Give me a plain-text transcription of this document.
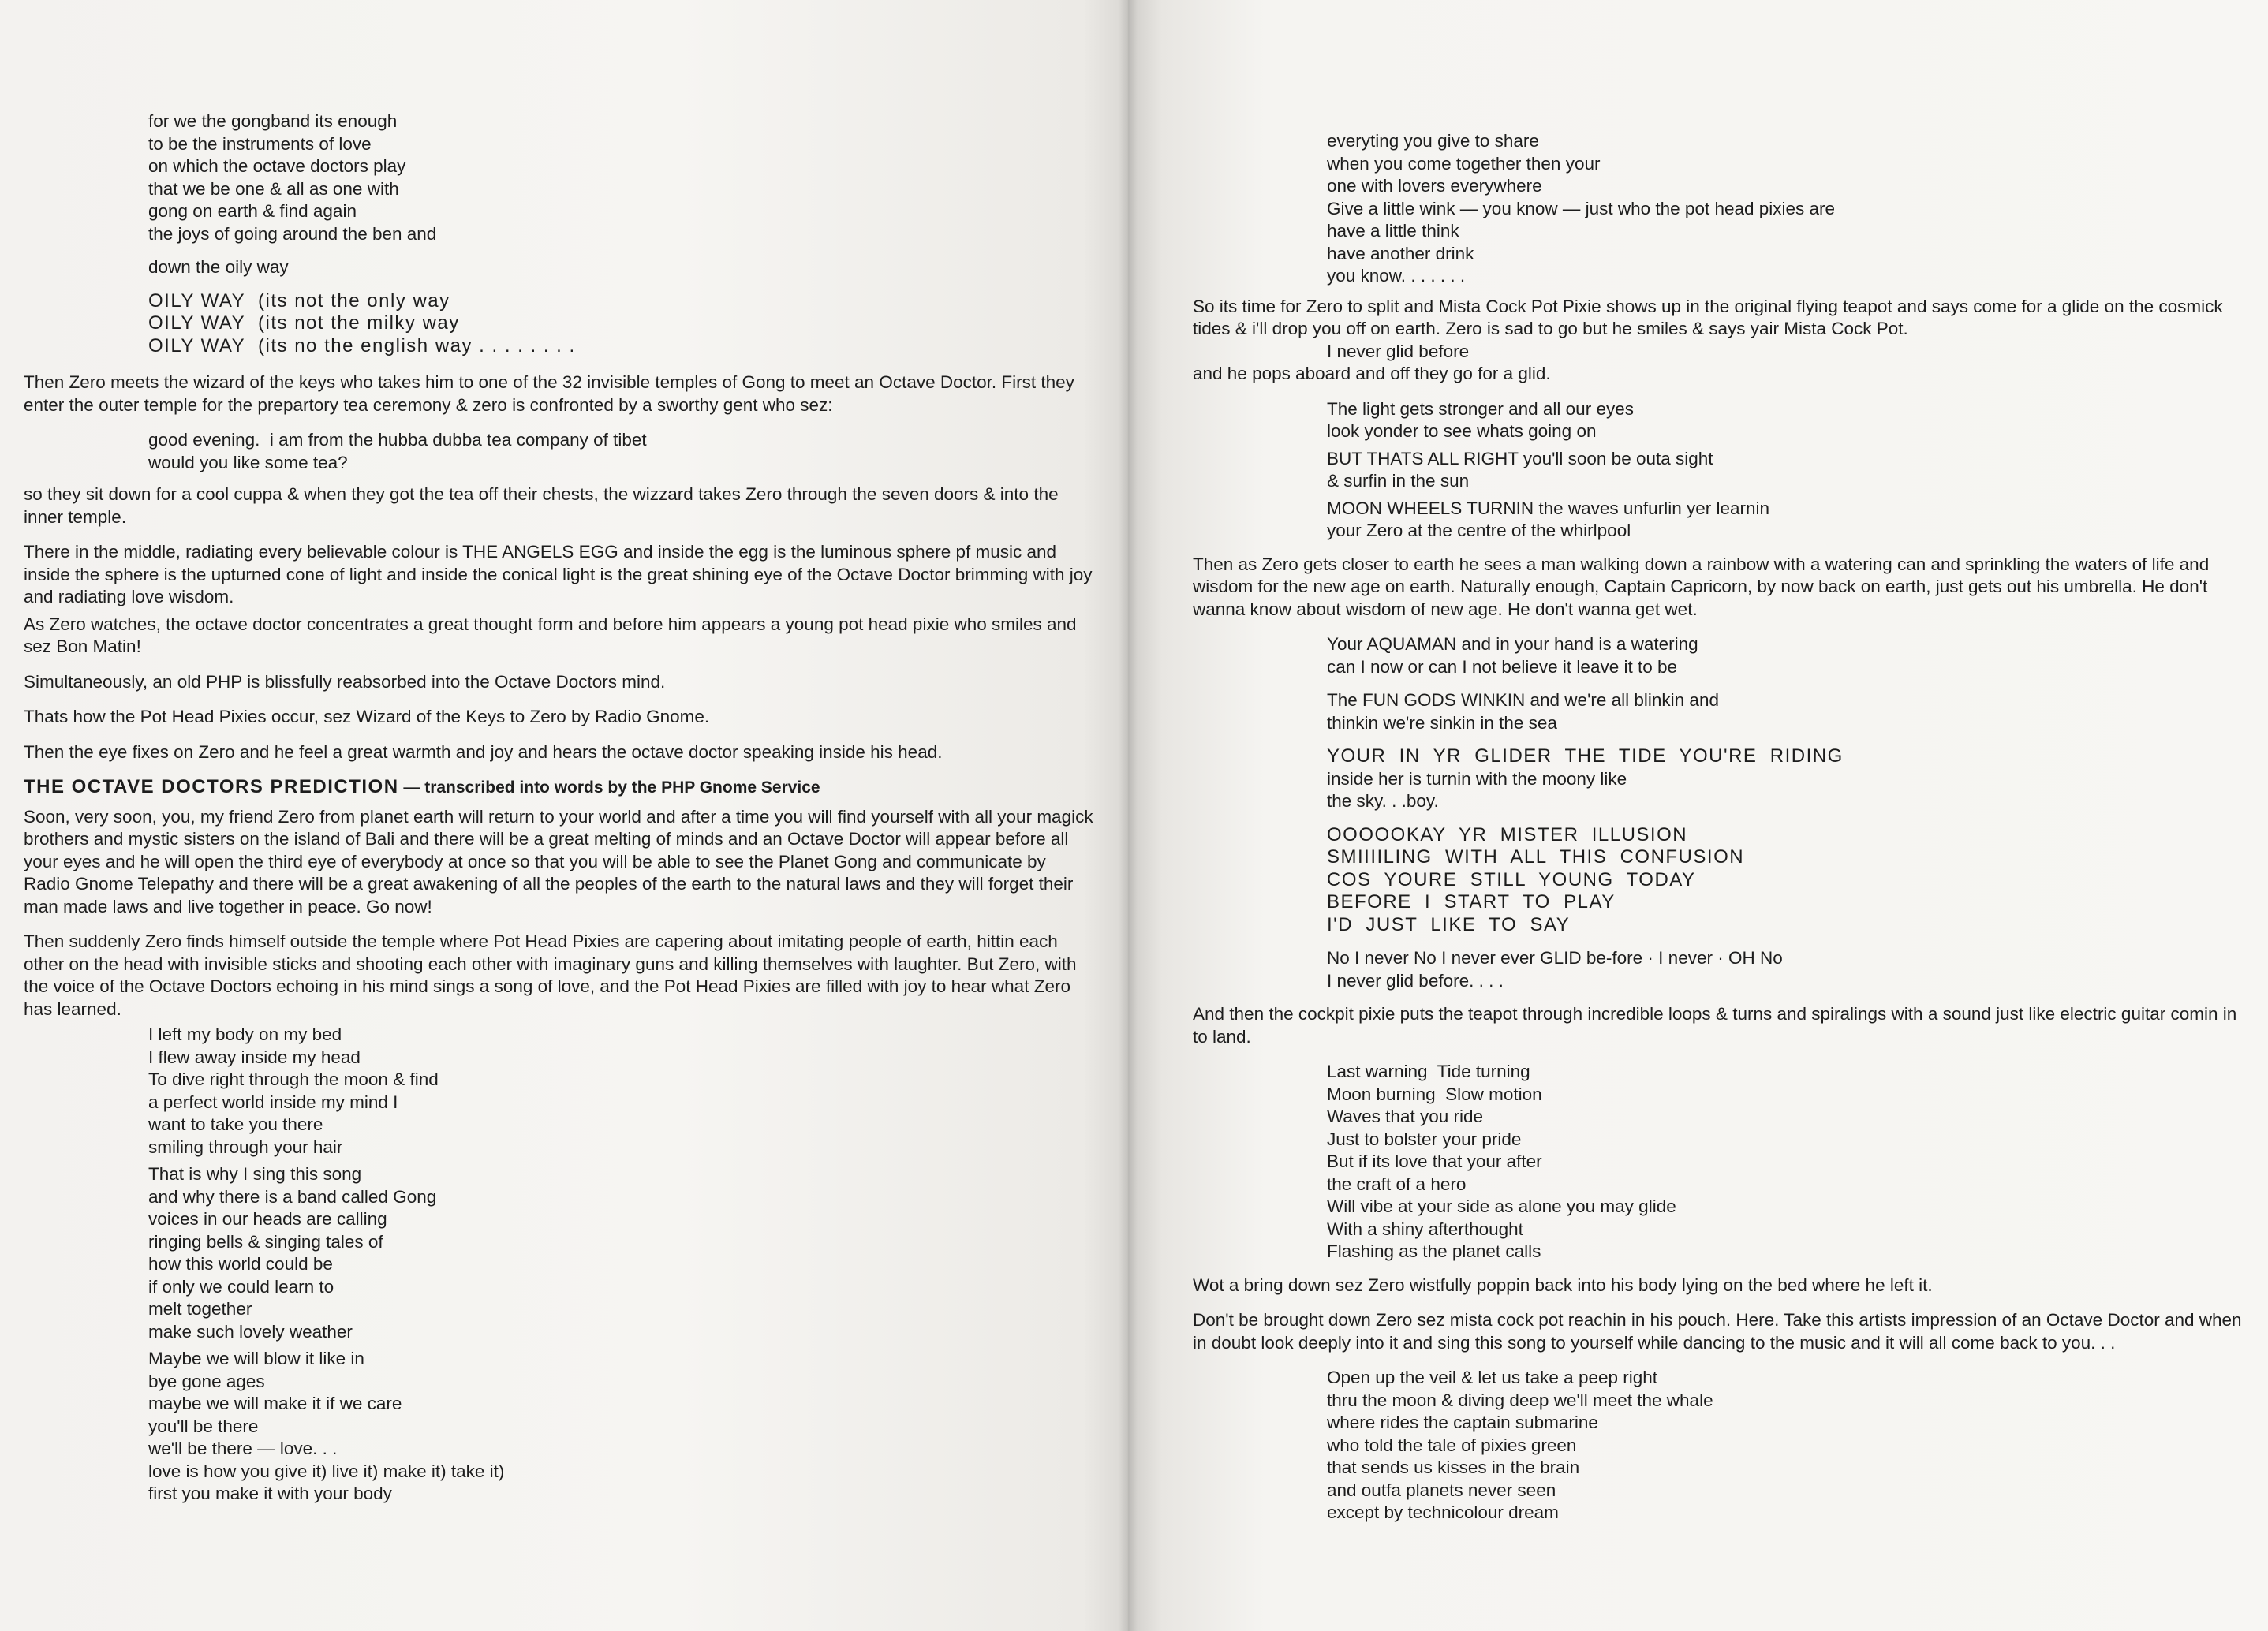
for we the gongband its enough
to be the instruments of love
on which the octave doctors play
that we be one & all as one with
gong on earth & find again
the joys of going around the ben and
down the oily way
OILY WAY  (its not the only way
OILY WAY  (its not the milky way
OILY WAY  (its no the english way . . . . . . . .

Then Zero meets the wizard of the keys who takes him to one of the 32 invisible temples of Gong to meet an Octave Doctor. First they enter the outer temple for the prepartory tea ceremony & zero is confronted by a sworthy gent who sez:

good evening.  i am from the hubba dubba tea company of tibet
would you like some tea?

so they sit down for a cool cuppa & when they got the tea off their chests, the wizzard takes Zero through the seven doors & into the inner temple.

There in the middle, radiating every believable colour is THE ANGELS EGG and inside the egg is the luminous sphere pf music and inside the sphere is the upturned cone of light and inside the conical light is the great shining eye of the Octave Doctor brimming with joy and radiating love wisdom.

As Zero watches, the octave doctor concentrates a great thought form and before him appears a young pot head pixie who smiles and sez Bon Matin!

Simultaneously, an old PHP is blissfully reabsorbed into the Octave Doctors mind.

Thats how the Pot Head Pixies occur, sez Wizard of the Keys to Zero by Radio Gnome.

Then the eye fixes on Zero and he feel a great warmth and joy and hears the octave doctor speaking inside his head.

THE OCTAVE DOCTORS PREDICTION — transcribed into words by the PHP Gnome Service

Soon, very soon, you, my friend Zero from planet earth will return to your world and after a time you will find yourself with all your magick brothers and mystic sisters on the island of Bali and there will be a great melting of minds and an Octave Doctor will appear before all your eyes and he will open the third eye of everybody at once so that you will be able to see the Planet Gong and communicate by Radio Gnome Telepathy and there will be a great awakening of all the peoples of the earth to the natural laws and they will forget their man made laws and live together in peace. Go now!

Then suddenly Zero finds himself outside the temple where Pot Head Pixies are capering about imitating people of earth, hittin each other on the head with invisible sticks and shooting each other with imaginary guns and killing themselves with laughter. But Zero, with the voice of the Octave Doctors echoing in his mind sings a song of love, and the Pot Head Pixies are filled with joy to hear what Zero has learned.

I left my body on my bed
I flew away inside my head
To dive right through the moon & find
a perfect world inside my mind I
want to take you there
smiling through your hair
That is why I sing this song
and why there is a band called Gong
voices in our heads are calling
ringing bells & singing tales of
how this world could be
if only we could learn to
melt together
make such lovely weather
Maybe we will blow it like in
bye gone ages
maybe we will make it if we care
you'll be there
we'll be there — love. . .
love is how you give it) live it) make it) take it)
first you make it with your body
everyting you give to share
when you come together then your
one with lovers everywhere
Give a little wink — you know — just who the pot head pixies are
have a little think
have another drink
you know. . . . . . .

So its time for Zero to split and Mista Cock Pot Pixie shows up in the original flying teapot and says come for a glide on the cosmick tides & i'll drop you off on earth. Zero is sad to go but he smiles & says yair Mista Cock Pot.

I never glid before

and he pops aboard and off they go for a glid.

The light gets stronger and all our eyes
look yonder to see whats going on
BUT THATS ALL RIGHT you'll soon be outa sight
& surfin in the sun
MOON WHEELS TURNIN the waves unfurlin yer learnin
your Zero at the centre of the whirlpool

Then as Zero gets closer to earth he sees a man walking down a rainbow with a watering can and sprinkling the waters of life and wisdom for the new age on earth. Naturally enough, Captain Capricorn, by now back on earth, just gets out his umbrella. He don't wanna know about wisdom of new age. He don't wanna get wet.

Your AQUAMAN and in your hand is a watering
can I now or can I not believe it leave it to be
The FUN GODS WINKIN and we're all blinkin and
thinkin we're sinkin in the sea
YOUR  IN  YR  GLIDER  THE  TIDE  YOU'RE  RIDING
inside her is turnin with the moony like
the sky. . .boy.
OOOOOKAY  YR  MISTER  ILLUSION
SMIIIILING  WITH  ALL  THIS  CONFUSION
COS  YOURE  STILL  YOUNG  TODAY
BEFORE  I  START  TO  PLAY
I'D  JUST  LIKE  TO  SAY
No I never No I never ever GLID be-fore · I never · OH No
I never glid before. . . .

And then the cockpit pixie puts the teapot through incredible loops & turns and spiralings with a sound just like electric guitar comin in to land.

Last warning  Tide turning
Moon burning  Slow motion
Waves that you ride
Just to bolster your pride
But if its love that your after
the craft of a hero
Will vibe at your side as alone you may glide
With a shiny afterthought
Flashing as the planet calls

Wot a bring down sez Zero wistfully poppin back into his body lying on the bed where he left it.

Don't be brought down Zero sez mista cock pot reachin in his pouch. Here. Take this artists impression of an Octave Doctor and when in doubt look deeply into it and sing this song to yourself while dancing to the music and it will all come back to you. . .

Open up the veil & let us take a peep right
thru the moon & diving deep we'll meet the whale
where rides the captain submarine
who told the tale of pixies green
that sends us kisses in the brain
and outfa planets never seen
except by technicolour dream
